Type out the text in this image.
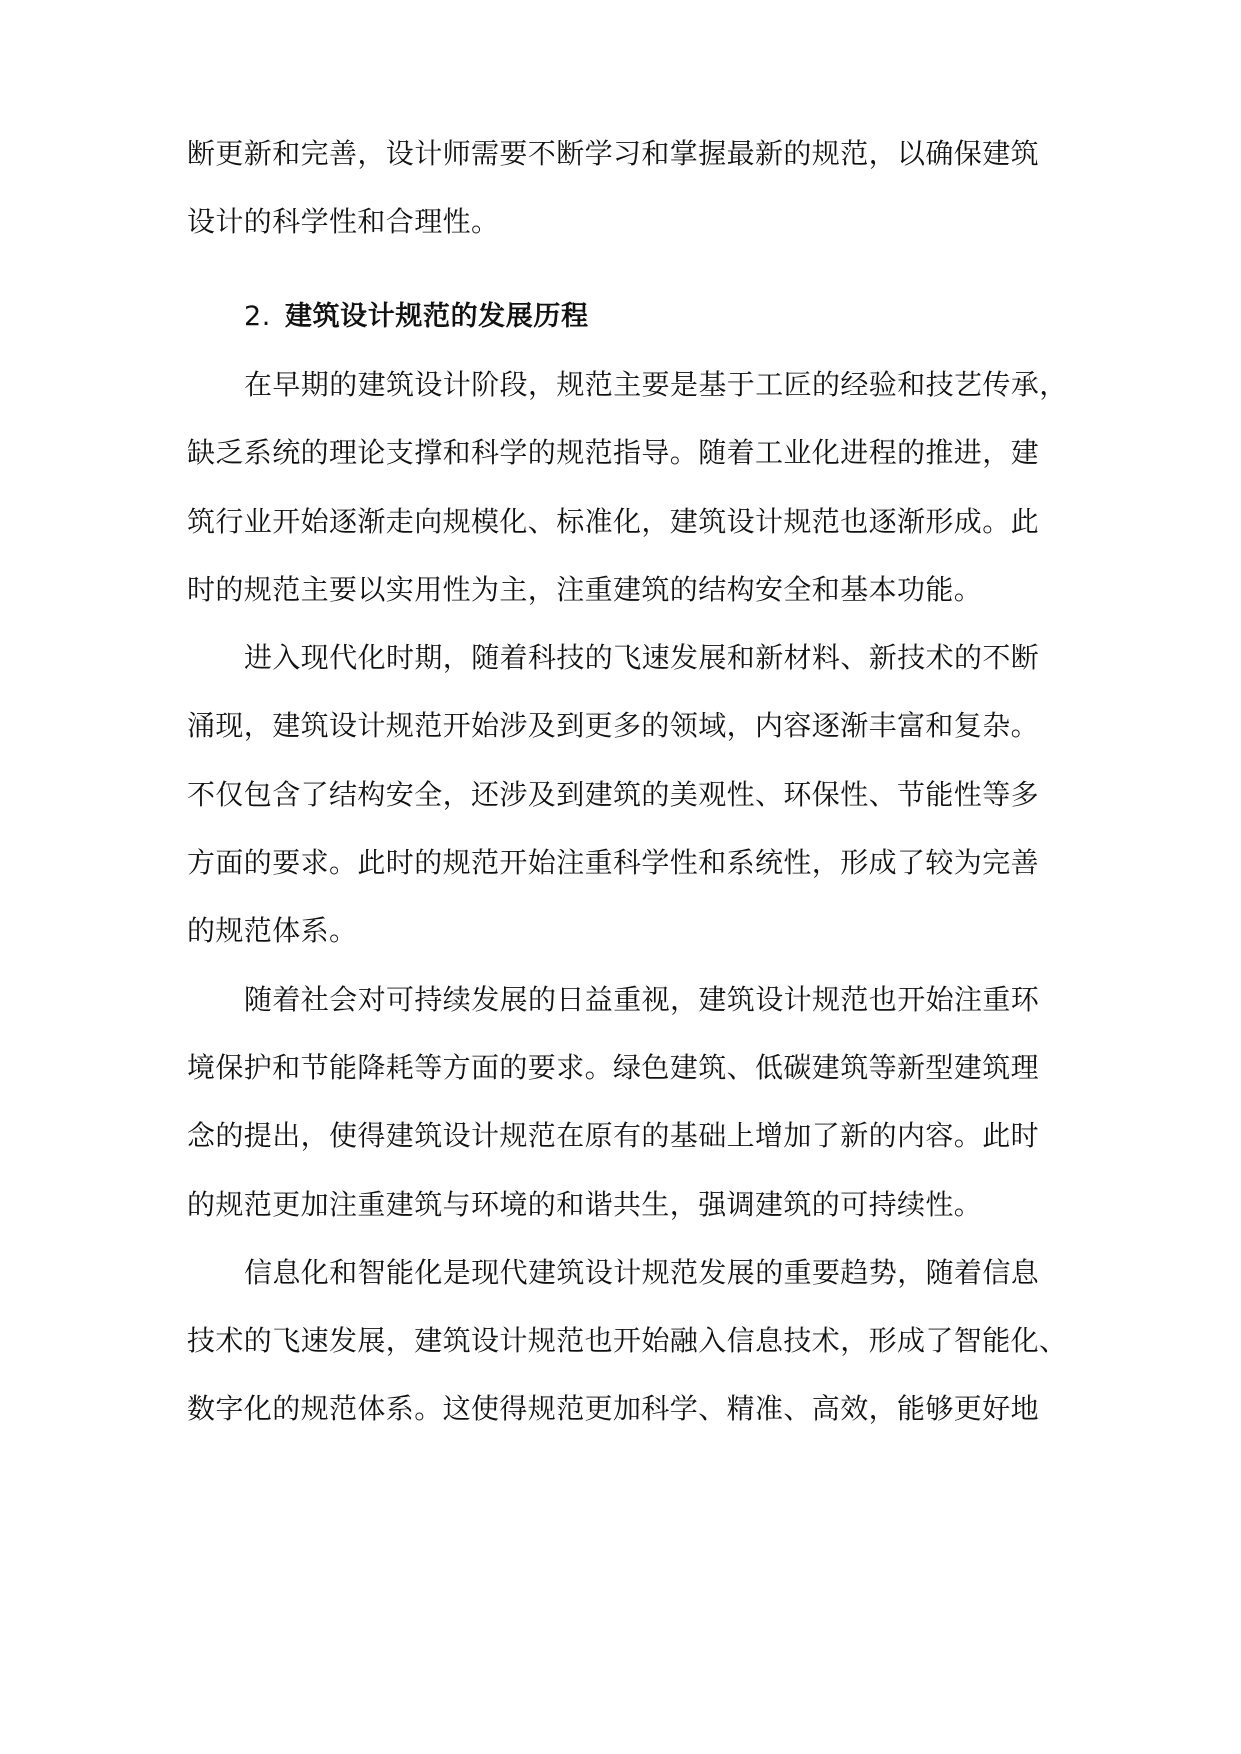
断更新和完善，设计师需要不断学习和掌握最新的规范，以确保建筑
设计的科学性和合理性。
2. 建筑设计规范的发展历程
在早期的建筑设计阶段，规范主要是基于工匠的经验和技艺传承，
缺乏系统的理论支撑和科学的规范指导。随着工业化进程的推进，建
筑行业开始逐渐走向规模化、标准化，建筑设计规范也逐渐形成。此
时的规范主要以实用性为主，注重建筑的结构安全和基本功能。
进入现代化时期，随着科技的飞速发展和新材料、新技术的不断
涌现，建筑设计规范开始涉及到更多的领域，内容逐渐丰富和复杂。
不仅包含了结构安全，还涉及到建筑的美观性、环保性、节能性等多
方面的要求。此时的规范开始注重科学性和系统性，形成了较为完善
的规范体系。
随着社会对可持续发展的日益重视，建筑设计规范也开始注重环
境保护和节能降耗等方面的要求。绿色建筑、低碳建筑等新型建筑理
念的提出，使得建筑设计规范在原有的基础上增加了新的内容。此时
的规范更加注重建筑与环境的和谐共生，强调建筑的可持续性。
信息化和智能化是现代建筑设计规范发展的重要趋势，随着信息
技术的飞速发展，建筑设计规范也开始融入信息技术，形成了智能化、
数字化的规范体系。这使得规范更加科学、精准、高效，能够更好地
